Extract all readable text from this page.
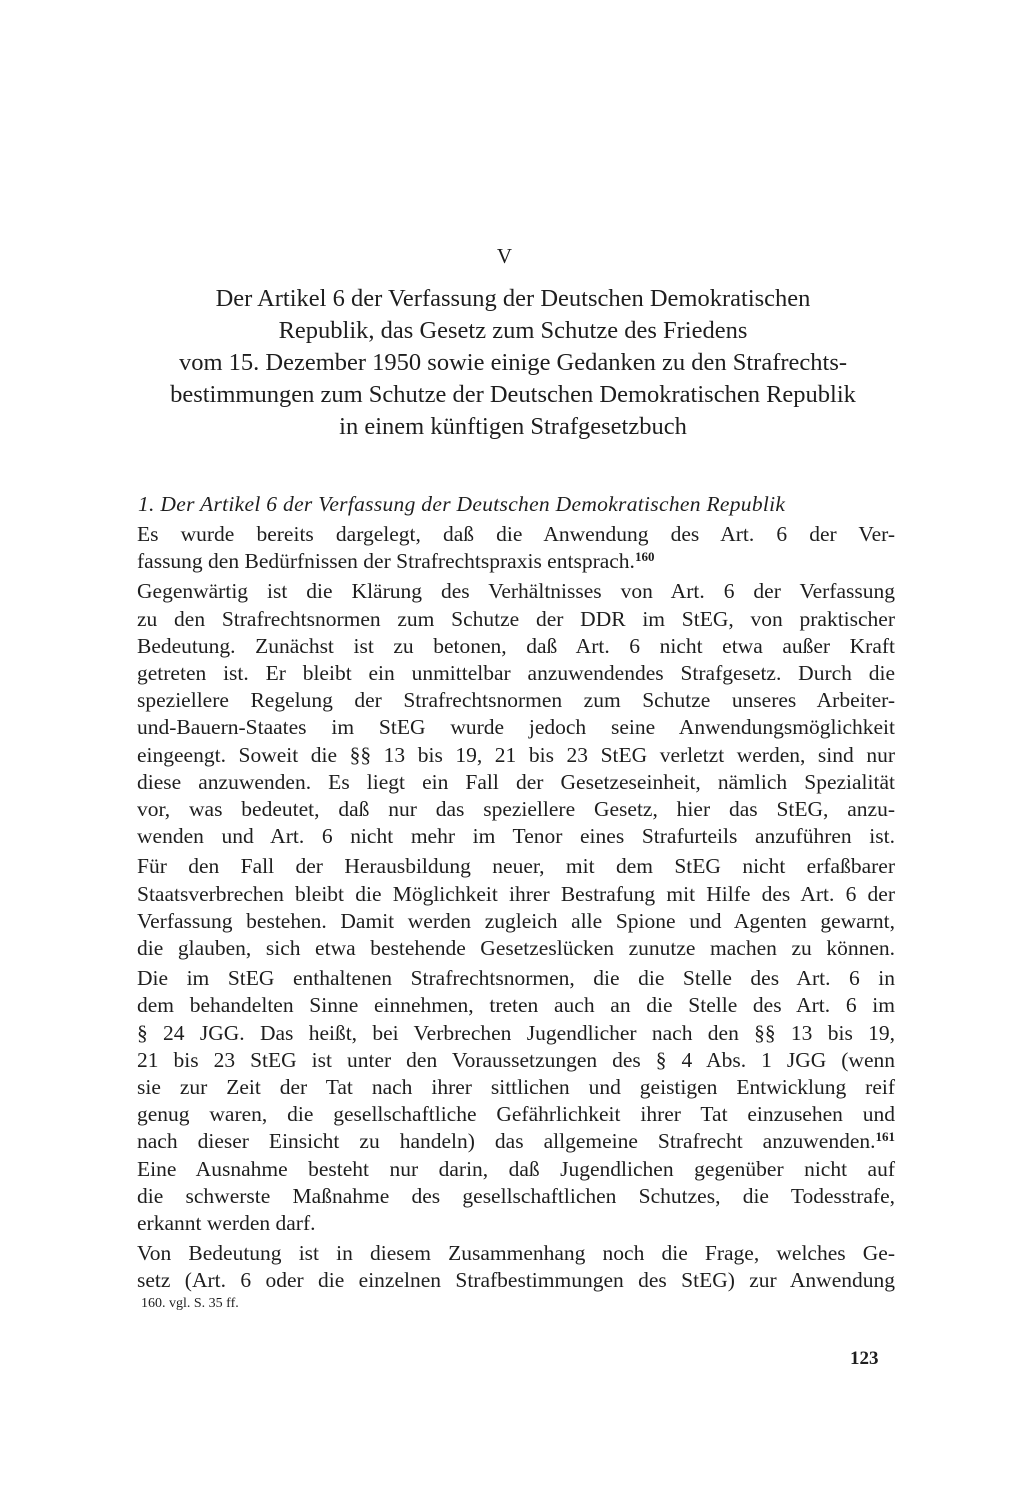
V
Der Artikel 6 der Verfassung der Deutschen Demokratischen
Republik, das Gesetz zum Schutze des Friedens
vom 15. Dezember 1950 sowie einige Gedanken zu den Strafrechts-
bestimmungen zum Schutze der Deutschen Demokratischen Republik
in einem künftigen Strafgesetzbuch
1. Der Artikel 6 der Verfassung der Deutschen Demokratischen Republik
Es wurde bereits dargelegt, daß die Anwendung des Art. 6 der Ver-
fassung den Bedürfnissen der Strafrechtspraxis entsprach.$^{160}$
Gegenwärtig ist die Klärung des Verhältnisses von Art. 6 der Verfassung
zu den Strafrechtsnormen zum Schutze der DDR im StEG, von praktischer
Bedeutung. Zunächst ist zu betonen, daß Art. 6 nicht etwa außer Kraft
getreten ist. Er bleibt ein unmittelbar anzuwendendes Strafgesetz. Durch die
speziellere Regelung der Strafrechtsnormen zum Schutze unseres Arbeiter-
und-Bauern-Staates im StEG wurde jedoch seine Anwendungsmöglichkeit
eingeengt. Soweit die §§ 13 bis 19, 21 bis 23 StEG verletzt werden, sind nur
diese anzuwenden. Es liegt ein Fall der Gesetzeseinheit, nämlich Spezialität
vor, was bedeutet, daß nur das speziellere Gesetz, hier das StEG, anzu-
wenden und Art. 6 nicht mehr im Tenor eines Strafurteils anzuführen ist.
Für den Fall der Herausbildung neuer, mit dem StEG nicht erfaßbarer
Staatsverbrechen bleibt die Möglichkeit ihrer Bestrafung mit Hilfe des Art. 6 der
Verfassung bestehen. Damit werden zugleich alle Spione und Agenten gewarnt,
die glauben, sich etwa bestehende Gesetzeslücken zunutze machen zu können.
Die im StEG enthaltenen Strafrechtsnormen, die die Stelle des Art. 6 in
dem behandelten Sinne einnehmen, treten auch an die Stelle des Art. 6 im
§ 24 JGG. Das heißt, bei Verbrechen Jugendlicher nach den §§ 13 bis 19,
21 bis 23 StEG ist unter den Voraussetzungen des § 4 Abs. 1 JGG (wenn
sie zur Zeit der Tat nach ihrer sittlichen und geistigen Entwicklung reif
genug waren, die gesellschaftliche Gefährlichkeit ihrer Tat einzusehen und
nach dieser Einsicht zu handeln) das allgemeine Strafrecht anzuwenden.$^{161}$
Eine Ausnahme besteht nur darin, daß Jugendlichen gegenüber nicht auf
die schwerste Maßnahme des gesellschaftlichen Schutzes, die Todesstrafe,
erkannt werden darf.
Von Bedeutung ist in diesem Zusammenhang noch die Frage, welches Ge-
setz (Art. 6 oder die einzelnen Strafbestimmungen des StEG) zur Anwendung
160. vgl. S. 35 ff.
123
